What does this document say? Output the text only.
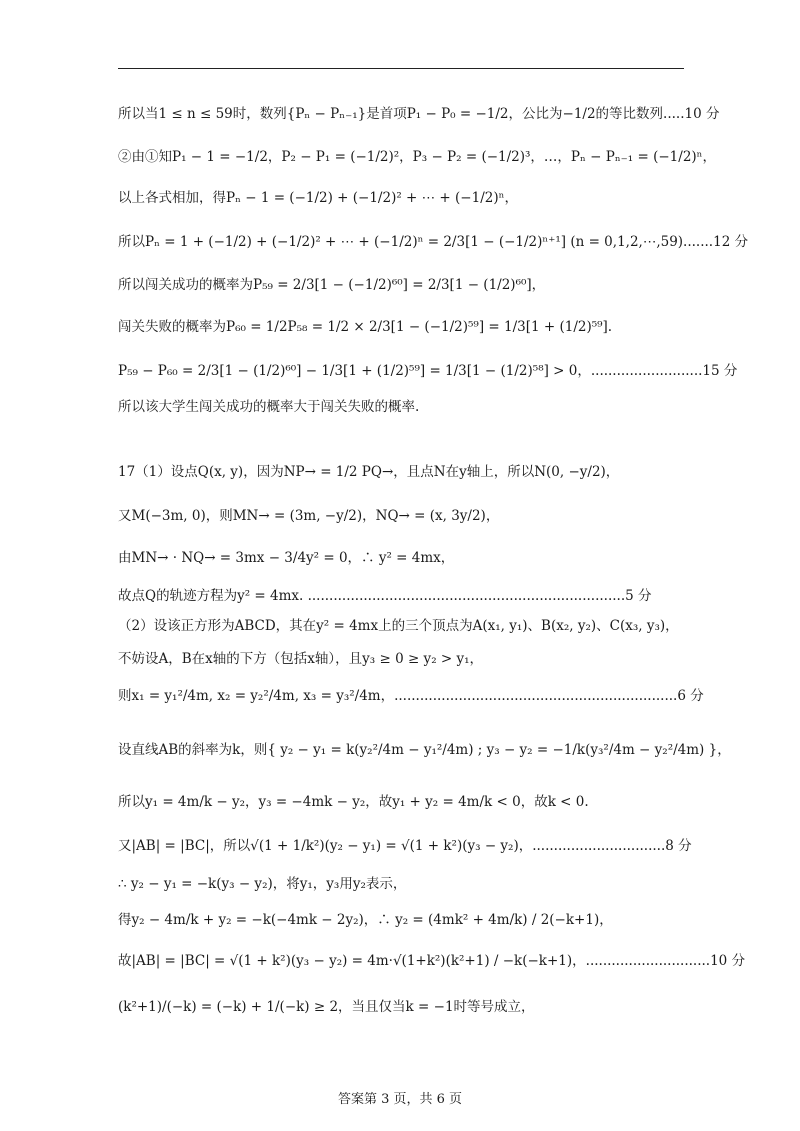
所以当1 ≤ n ≤ 59时，数列{Pₙ − Pₙ₋₁}是首项P₁ − P₀ = −1/2，公比为−1/2的等比数列.....10 分
②由①知P₁ − 1 = −1/2，P₂ − P₁ = (−1/2)²，P₃ − P₂ = (−1/2)³，…，Pₙ − Pₙ₋₁ = (−1/2)ⁿ，
以上各式相加，得Pₙ − 1 = (−1/2) + (−1/2)² + ⋯ + (−1/2)ⁿ，
所以Pₙ = 1 + (−1/2) + (−1/2)² + ⋯ + (−1/2)ⁿ = 2/3[1 − (−1/2)ⁿ⁺¹] (n = 0,1,2,⋯,59).......12 分
所以闯关成功的概率为P₅₉ = 2/3[1 − (−1/2)⁶⁰] = 2/3[1 − (1/2)⁶⁰]，
闯关失败的概率为P₆₀ = 1/2P₅₈ = 1/2 × 2/3[1 − (−1/2)⁵⁹] = 1/3[1 + (1/2)⁵⁹].
P₅₉ − P₆₀ = 2/3[1 − (1/2)⁶⁰] − 1/3[1 + (1/2)⁵⁹] = 1/3[1 − (1/2)⁵⁸] > 0，..........................15 分
所以该大学生闯关成功的概率大于闯关失败的概率.
17（1）设点Q(x, y)，因为NP→ = 1/2 PQ→，且点N在y轴上，所以N(0, −y/2)，
又M(−3m, 0)，则MN→ = (3m, −y/2)，NQ→ = (x, 3y/2)，
由MN→ · NQ→ = 3mx − 3/4y² = 0，∴ y² = 4mx，
故点Q的轨迹方程为y² = 4mx. ..........................................................................5 分
（2）设该正方形为ABCD，其在y² = 4mx上的三个顶点为A(x₁, y₁)、B(x₂, y₂)、C(x₃, y₃)，
不妨设A，B在x轴的下方（包括x轴），且y₃ ≥ 0 ≥ y₂ > y₁，
则x₁ = y₁²/4m, x₂ = y₂²/4m, x₃ = y₃²/4m，..................................................................6 分
设直线AB的斜率为k，则{ y₂ − y₁ = k(y₂²/4m − y₁²/4m) ; y₃ − y₂ = −1/k(y₃²/4m − y₂²/4m) }，
所以y₁ = 4m/k − y₂，y₃ = −4mk − y₂，故y₁ + y₂ = 4m/k < 0，故k < 0.
又|AB| = |BC|，所以√(1 + 1/k²)(y₂ − y₁) = √(1 + k²)(y₃ − y₂)，...............................8 分
∴ y₂ − y₁ = −k(y₃ − y₂)，将y₁，y₃用y₂表示，
得y₂ − 4m/k + y₂ = −k(−4mk − 2y₂)，∴ y₂ = (4mk² + 4m/k) / 2(−k+1)，
故|AB| = |BC| = √(1 + k²)(y₃ − y₂) = 4m·√(1+k²)(k²+1) / −k(−k+1)，.............................10 分
(k²+1)/(−k) = (−k) + 1/(−k) ≥ 2，当且仅当k = −1时等号成立，
答案第 3 页，共 6 页
